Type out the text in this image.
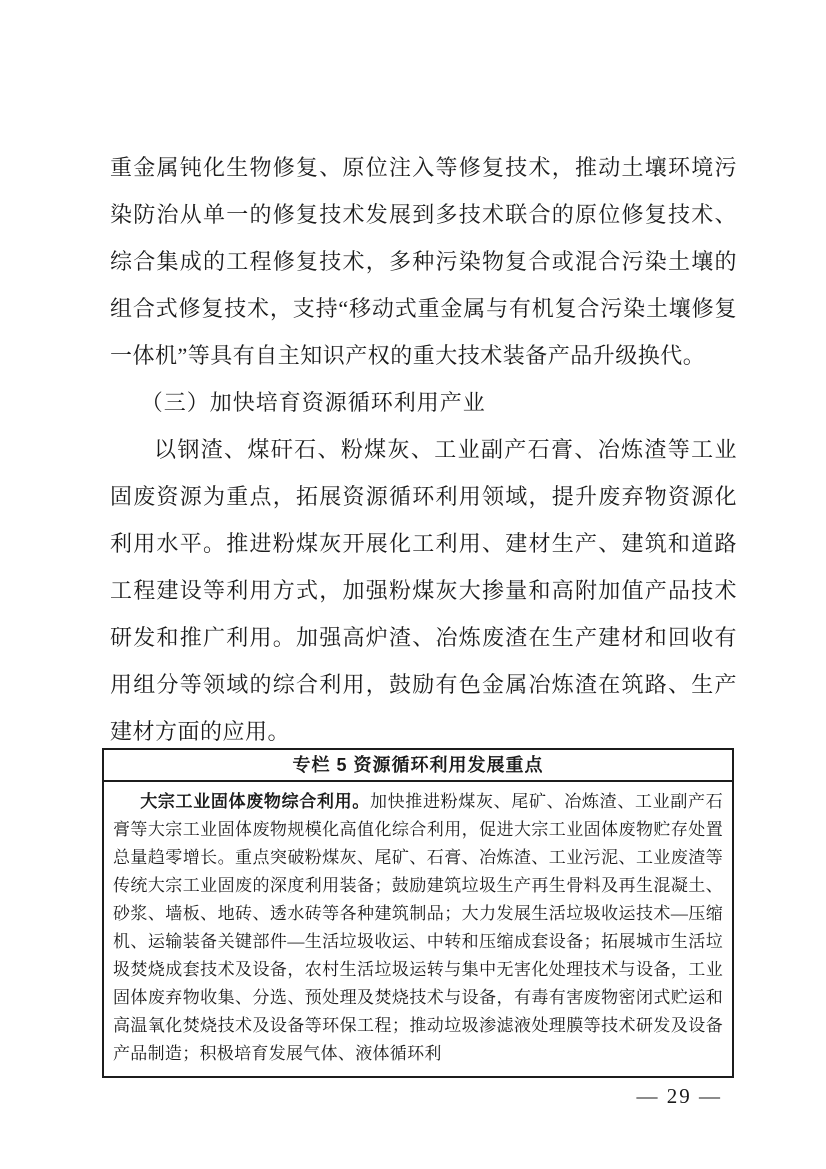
重金属钝化生物修复、原位注入等修复技术，推动土壤环境污染防治从单一的修复技术发展到多技术联合的原位修复技术、综合集成的工程修复技术，多种污染物复合或混合污染土壤的组合式修复技术，支持“移动式重金属与有机复合污染土壤修复一体机”等具有自主知识产权的重大技术装备产品升级换代。

（三）加快培育资源循环利用产业

以钢渣、煤矸石、粉煤灰、工业副产石膏、冶炼渣等工业固废资源为重点，拓展资源循环利用领域，提升废弃物资源化利用水平。推进粉煤灰开展化工利用、建材生产、建筑和道路工程建设等利用方式，加强粉煤灰大掺量和高附加值产品技术研发和推广利用。加强高炉渣、冶炼废渣在生产建材和回收有用组分等领域的综合利用，鼓励有色金属冶炼渣在筑路、生产建材方面的应用。

专栏 5 资源循环利用发展重点

大宗工业固体废物综合利用。加快推进粉煤灰、尾矿、冶炼渣、工业副产石膏等大宗工业固体废物规模化高值化综合利用，促进大宗工业固体废物贮存处置总量趋零增长。重点突破粉煤灰、尾矿、石膏、冶炼渣、工业污泥、工业废渣等传统大宗工业固废的深度利用装备；鼓励建筑垃圾生产再生骨料及再生混凝土、砂浆、墙板、地砖、透水砖等各种建筑制品；大力发展生活垃圾收运技术—压缩机、运输装备关键部件—生活垃圾收运、中转和压缩成套设备；拓展城市生活垃圾焚烧成套技术及设备，农村生活垃圾运转与集中无害化处理技术与设备，工业固体废弃物收集、分选、预处理及焚烧技术与设备，有毒有害废物密闭式贮运和高温氧化焚烧技术及设备等环保工程；推动垃圾渗滤液处理膜等技术研发及设备产品制造；积极培育发展气体、液体循环利

— 29 —
